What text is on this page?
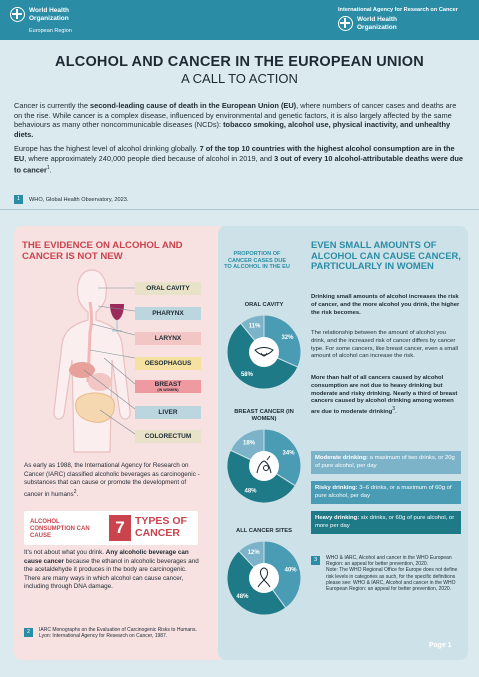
World Health
Organization
European Region
International Agency for Research on Cancer
World Health
Organization
ALCOHOL AND CANCER IN THE EUROPEAN UNION
A CALL TO ACTION

Cancer is currently the second-leading cause of death in the European Union (EU), where numbers of cancer cases and deaths are on the rise. While cancer is a complex disease, influenced by environmental and genetic factors, it is also largely affected by the same behaviours as many other noncommunicable diseases (NCDs): tobacco smoking, alcohol use, physical inactivity, and unhealthy diets.

Europe has the highest level of alcohol drinking globally. 7 of the top 10 countries with the highest alcohol consumption are in the EU, where approximately 240,000 people died because of alcohol in 2019, and 3 out of every 10 alcohol-attributable deaths were due to cancer$^1$.

1 WHO, Global Health Observatory, 2023.
THE EVIDENCE ON ALCOHOL AND CANCER IS NOT NEW
ORAL CAVITY
PHARYNX
LARYNX
OESOPHAGUS
BREAST
(IN WOMEN)
LIVER
COLORECTUM
As early as 1988, the International Agency for Research on Cancer (IARC) classified alcoholic beverages as carcinogenic - substances that can cause or promote the development of cancer in humans$^2$.
ALCOHOL CONSUMPTION CAN CAUSE	7 TYPES OF CANCER
It’s not about what you drink. Any alcoholic beverage can cause cancer because the ethanol in alcoholic beverages and the acetaldehyde it produces in the body are carcinogenic. There are many ways in which alcohol can cause cancer, including through DNA damage.
2	IARC Monographs on the Evaluation of Carcinogenic Risks to Humans. Lyon: International Agency for Research on Cancer, 1987.
PROPORTION OF CANCER CASES DUE TO ALCOHOL IN THE EU
ORAL CAVITY
11%
32%
58%
BREAST CANCER (IN WOMEN)
18%
34%
48%
ALL CANCER SITES
12%
40%
48%
EVEN SMALL AMOUNTS OF ALCOHOL CAN CAUSE CANCER, PARTICULARLY IN WOMEN
Drinking small amounts of alcohol increases the risk of cancer, and the more alcohol you drink, the higher the risk becomes.
The relationship between the amount of alcohol you drink, and the increased risk of cancer differs by cancer type. For some cancers, like breast cancer, even a small amount of alcohol can increase the risk.
More than half of all cancers caused by alcohol consumption are not due to heavy drinking but moderate and risky drinking. Nearly a third of breast cancers caused by alcohol drinking among women are due to moderate drinking$^3$.
Moderate drinking: a maximum of two drinks, or 20g of pure alcohol, per day
Risky drinking: 3–6 drinks, or a maximum of 60g of pure alcohol, per day
Heavy drinking: six drinks, or 60g of pure alcohol, or more per day
3	WHO & IARC, Alcohol and cancer in the WHO European Region: an appeal for better prevention, 2020.
Note: The WHO Regional Office for Europe does not define risk levels in categories as such, for the specific definitions please see: WHO & IARC, Alcohol and cancer in the WHO European Region: an appeal for better prevention, 2020.
Page 1
